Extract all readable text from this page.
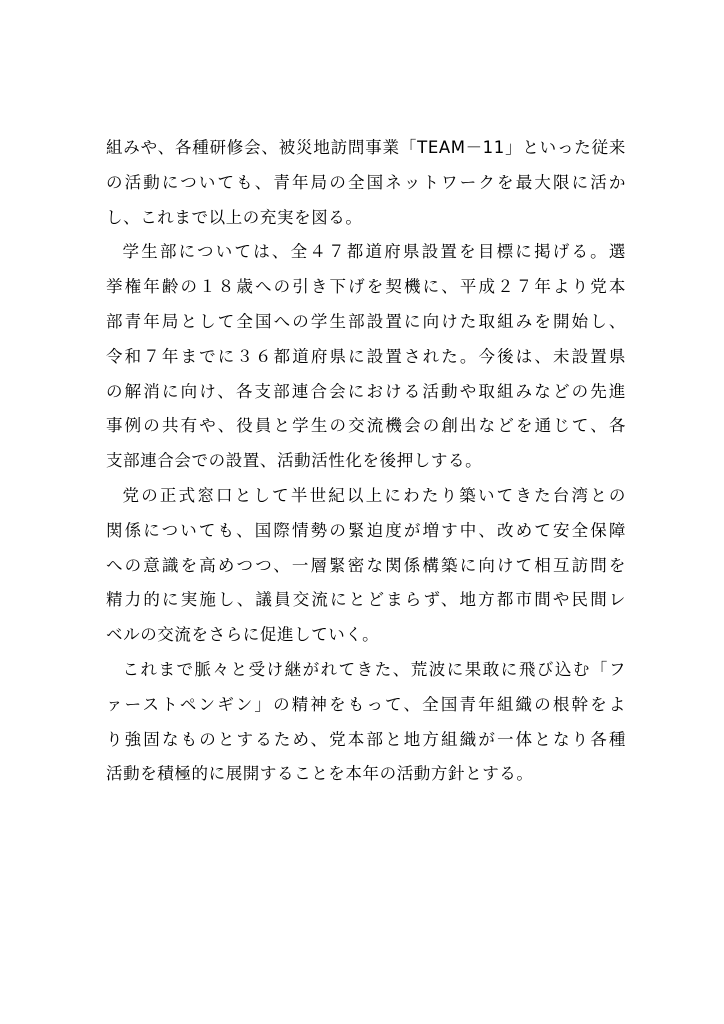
組みや、各種研修会、被災地訪問事業「TEAM－11」といった従来
の活動についても、青年局の全国ネットワークを最大限に活か
し、これまで以上の充実を図る。
学生部については、全４７都道府県設置を目標に掲げる。選
挙権年齢の１８歳への引き下げを契機に、平成２７年より党本
部青年局として全国への学生部設置に向けた取組みを開始し、
令和７年までに３６都道府県に設置された。今後は、未設置県
の解消に向け、各支部連合会における活動や取組みなどの先進
事例の共有や、役員と学生の交流機会の創出などを通じて、各
支部連合会での設置、活動活性化を後押しする。
党の正式窓口として半世紀以上にわたり築いてきた台湾との
関係についても、国際情勢の緊迫度が増す中、改めて安全保障
への意識を高めつつ、一層緊密な関係構築に向けて相互訪問を
精力的に実施し、議員交流にとどまらず、地方都市間や民間レ
ベルの交流をさらに促進していく。
これまで脈々と受け継がれてきた、荒波に果敢に飛び込む「フ
ァーストペンギン」の精神をもって、全国青年組織の根幹をよ
り強固なものとするため、党本部と地方組織が一体となり各種
活動を積極的に展開することを本年の活動方針とする。
